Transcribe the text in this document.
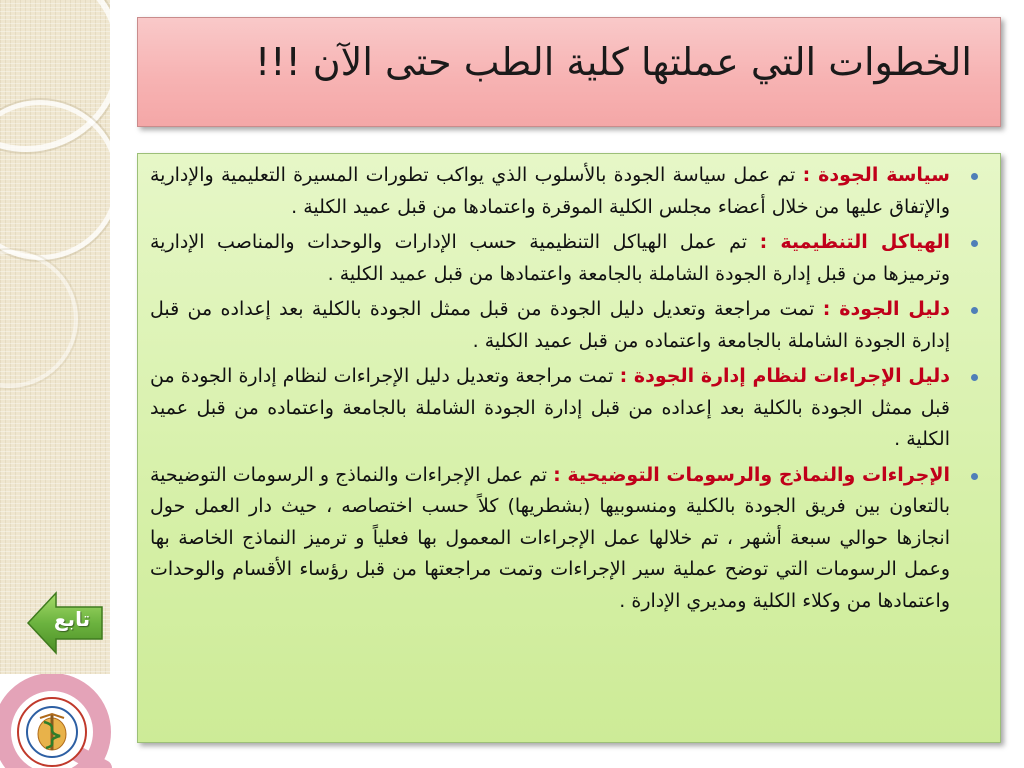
الخطوات التي عملتها كلية الطب حتى الآن !!!
سياسة الجودة : تم عمل سياسة الجودة بالأسلوب الذي يواكب تطورات المسيرة التعليمية والإدارية والإتفاق عليها من خلال أعضاء مجلس الكلية الموقرة واعتمادها من قبل عميد الكلية .
الهياكل التنظيمية : تم عمل الهياكل التنظيمية حسب الإدارات والوحدات والمناصب الإدارية وترميزها من قبل إدارة الجودة الشاملة بالجامعة واعتمادها من قبل عميد الكلية .
دليل الجودة : تمت مراجعة وتعديل دليل الجودة من قبل ممثل الجودة بالكلية بعد إعداده من قبل إدارة الجودة الشاملة بالجامعة واعتماده من قبل عميد الكلية .
دليل الإجراءات لنظام إدارة الجودة : تمت مراجعة وتعديل دليل الإجراءات لنظام إدارة الجودة من قبل ممثل الجودة بالكلية بعد إعداده من قبل إدارة الجودة الشاملة بالجامعة واعتماده من قبل عميد الكلية .
الإجراءات والنماذج والرسومات التوضيحية : تم عمل الإجراءات والنماذج و الرسومات التوضيحية بالتعاون بين فريق الجودة بالكلية ومنسوبيها (بشطريها) كلاً حسب اختصاصه ، حيث دار العمل حول انجازها حوالي سبعة أشهر ، تم خلالها عمل الإجراءات المعمول بها فعلياً و ترميز النماذج الخاصة بها وعمل الرسومات التي توضح عملية سير الإجراءات وتمت مراجعتها من قبل رؤساء الأقسام والوحدات واعتمادها من وكلاء الكلية ومديري الإدارة .
تابع
